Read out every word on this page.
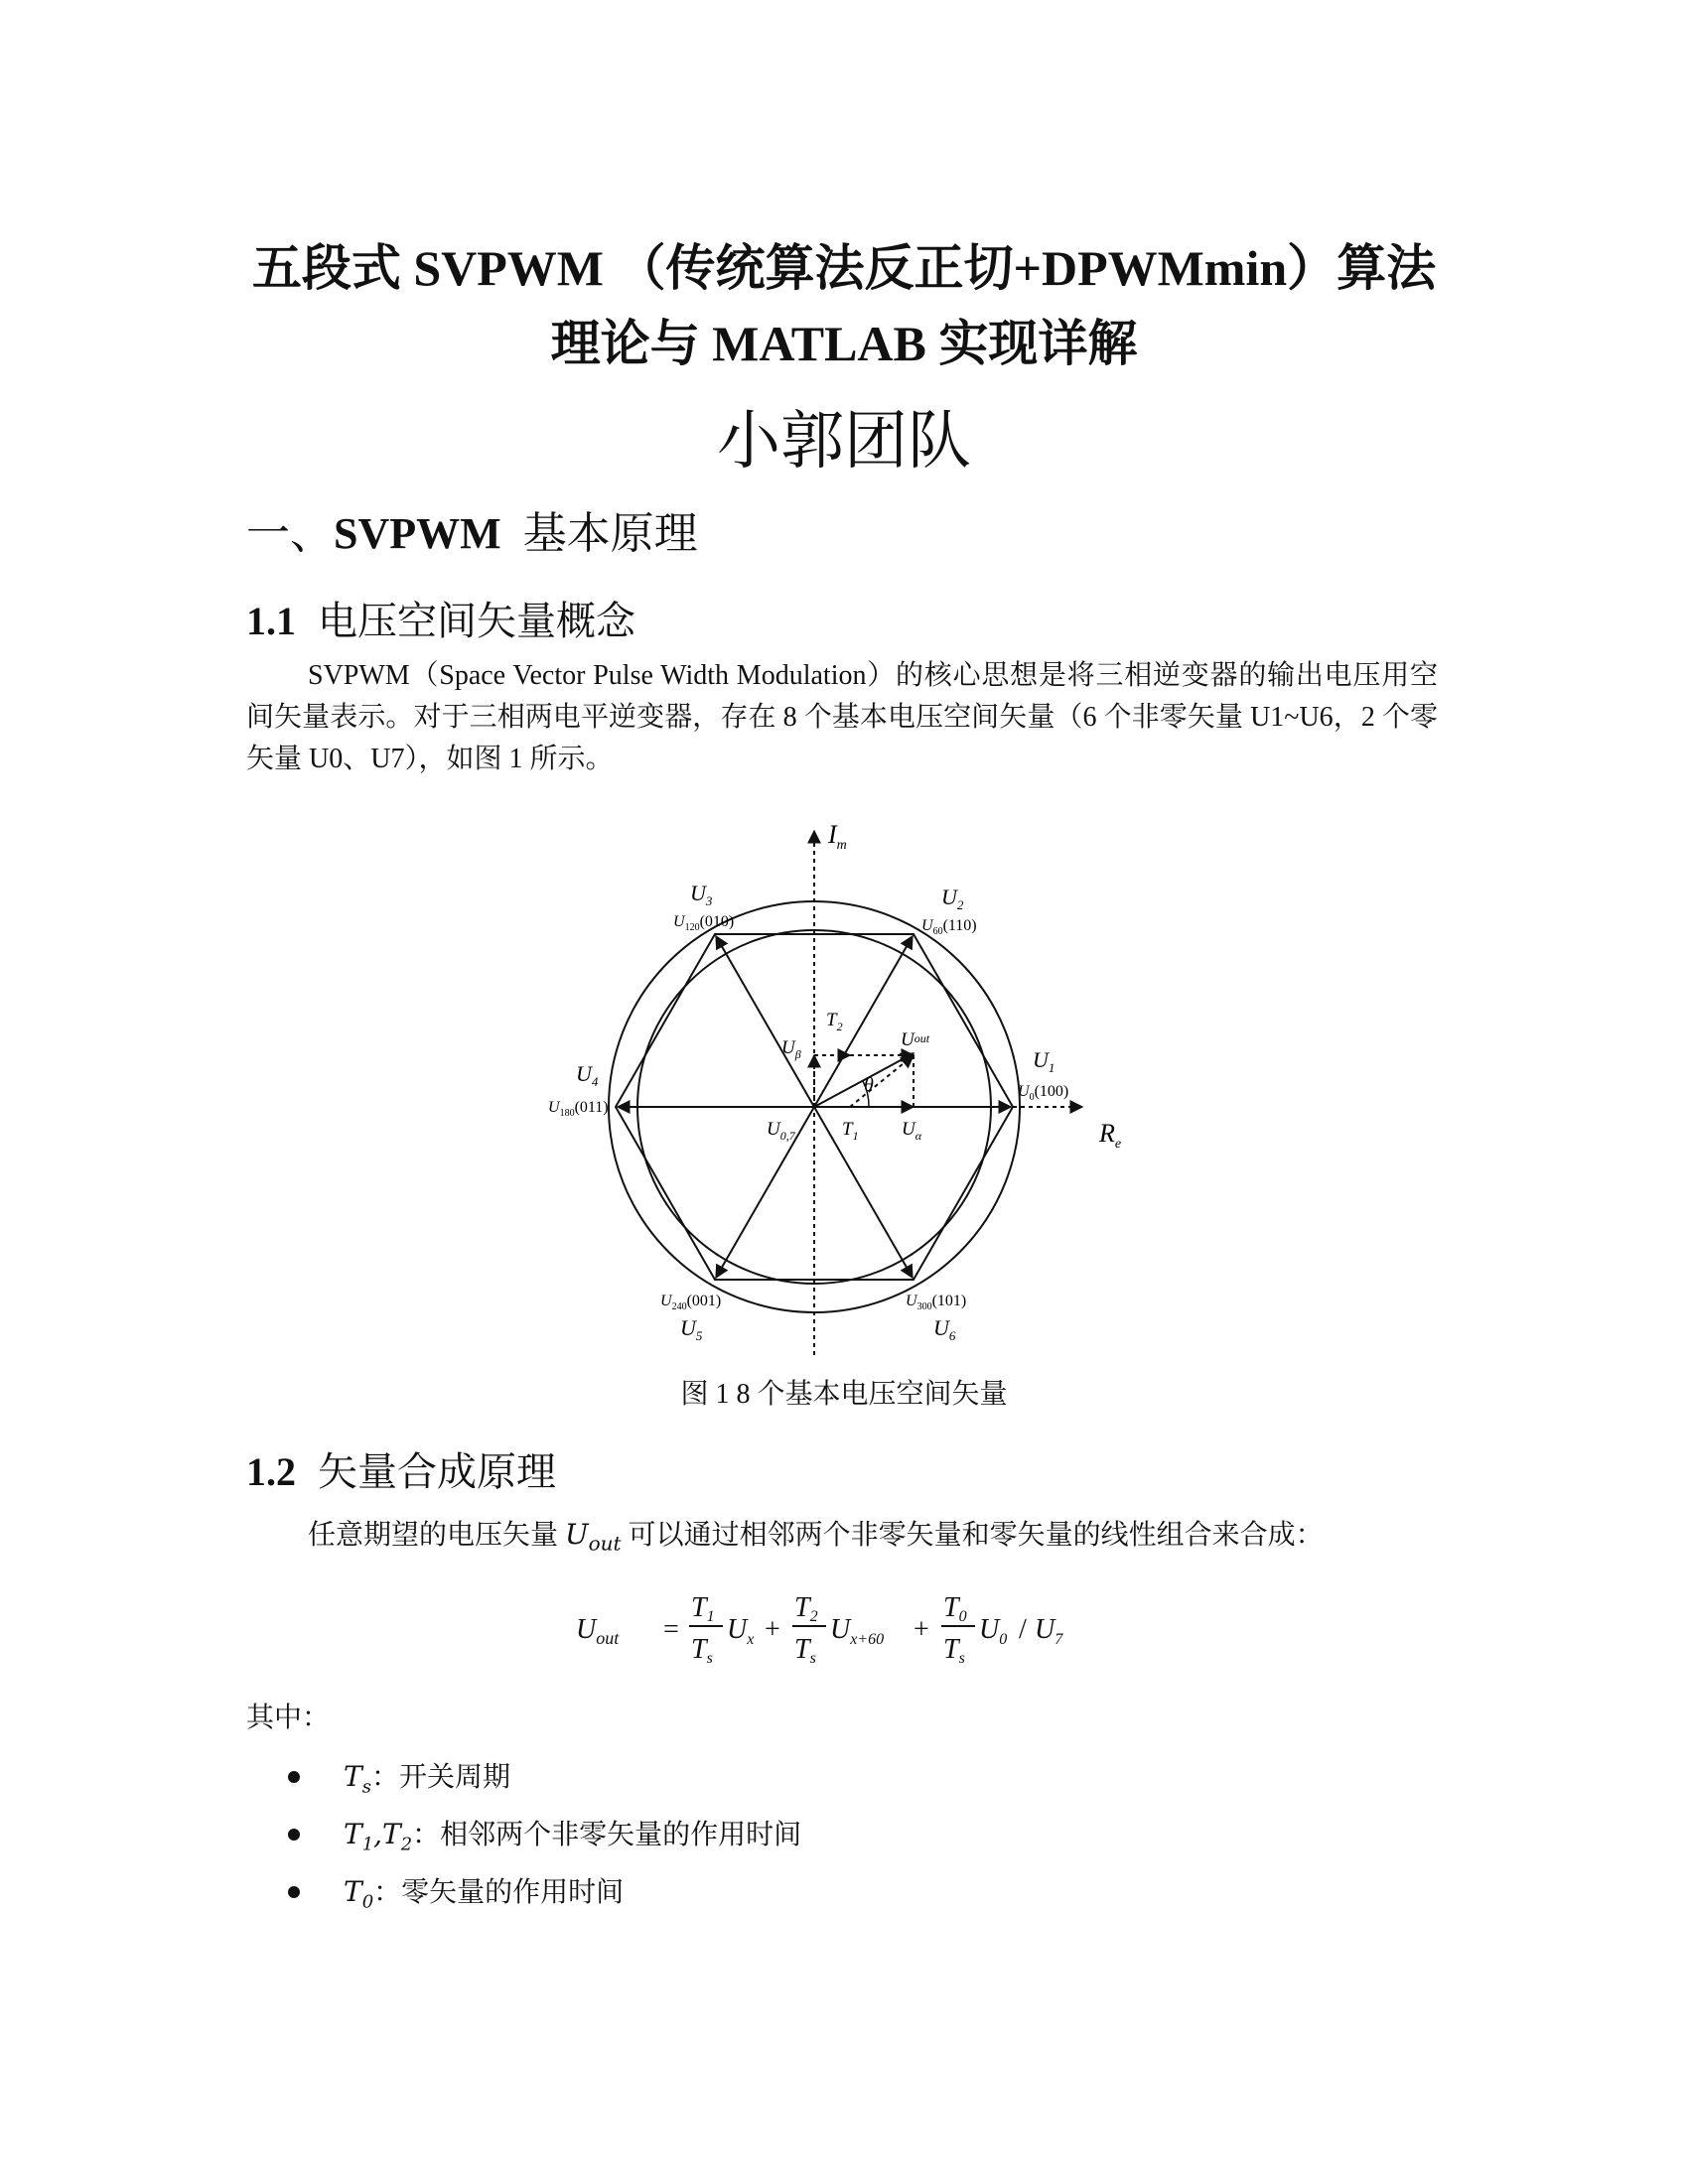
五段式 SVPWM （传统算法反正切+DPWMmin）算法
理论与 MATLAB 实现详解
小郭团队
一、SVPWM 基本原理
1.1 电压空间矢量概念
SVPWM（Space Vector Pulse Width Modulation）的核心思想是将三相逆变器的输出电压用空间矢量表示。对于三相两电平逆变器，存在 8 个基本电压空间矢量（6 个非零矢量 U1~U6，2 个零矢量 U0、U7），如图 1 所示。
$I_m$
$R_e$
$U_1$
$U_0(100)$
$U_2$
$U_{60}(110)$
$U_3$
$U_{120}(010)$
$U_4$
$U_{180}(011)$
$U_{240}(001)$
$U_5$
$U_{300}(101)$
$U_6$
$T_2$
$U_\beta$
Uout
θ
$U_{0,7}$ $T_1$ $U_\alpha$
图 1 8 个基本电压空间矢量
1.2 矢量合成原理
任意期望的电压矢量 $U_{out}$ 可以通过相邻两个非零矢量和零矢量的线性组合来合成：
$U_{out}$ =
T1
Ts
$U_x$ +
T2
Ts
$U_{x+60}$ +
T0
Ts
$U_0 / U_7$
其中：
$T_s$：开关周期
$T_1,T_2$：相邻两个非零矢量的作用时间
$T_0$：零矢量的作用时间
